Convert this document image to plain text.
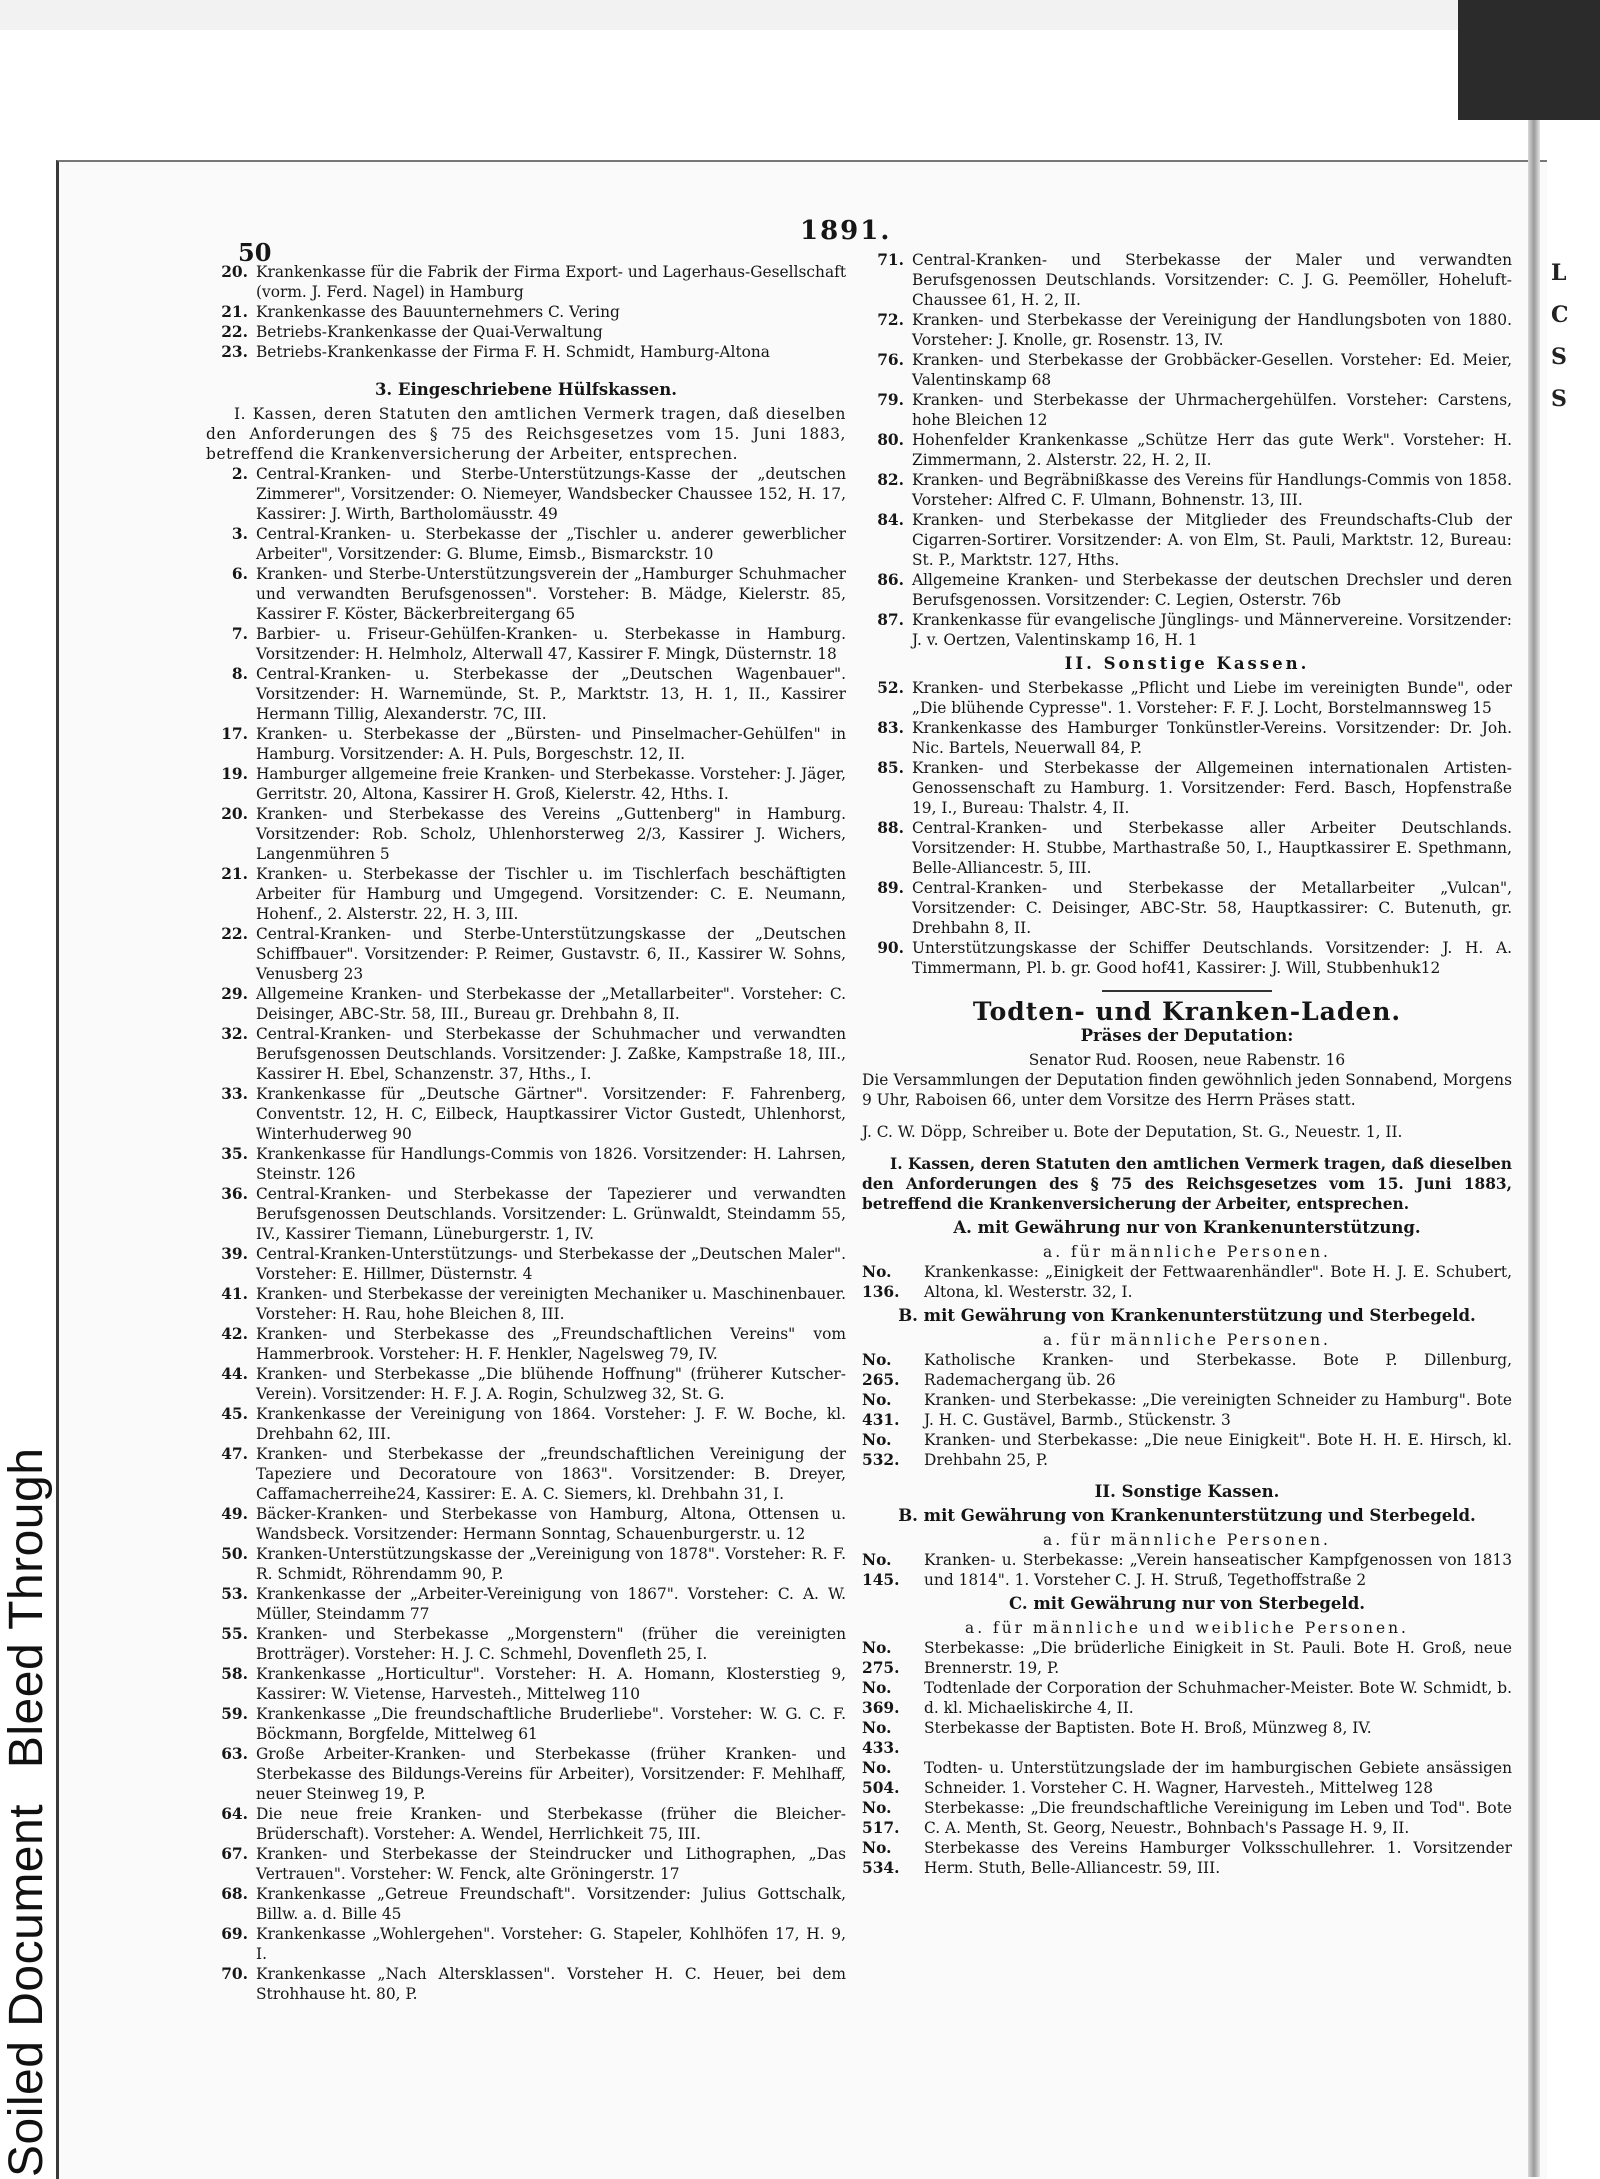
Soiled Document Bleed Through
L
C
S
S
50
1891.
20. Krankenkasse für die Fabrik der Firma Export- und Lagerhaus-Gesellschaft (vorm. J. Ferd. Nagel) in Hamburg
21. Krankenkasse des Bauunternehmers C. Vering
22. Betriebs-Krankenkasse der Quai-Verwaltung
23. Betriebs-Krankenkasse der Firma F. H. Schmidt, Hamburg-Altona
3. Eingeschriebene Hülfskassen.
I. Kassen, deren Statuten den amtlichen Vermerk tragen, daß dieselben den Anforderungen des § 75 des Reichsgesetzes vom 15. Juni 1883, betreffend die Krankenversicherung der Arbeiter, entsprechen.
2. Central-Kranken- und Sterbe-Unterstützungs-Kasse der „deutschen Zimmerer", Vorsitzender: O. Niemeyer, Wandsbecker Chaussee 152, H. 17, Kassirer: J. Wirth, Bartholomäusstr. 49
3. Central-Kranken- u. Sterbekasse der „Tischler u. anderer gewerblicher Arbeiter", Vorsitzender: G. Blume, Eimsb., Bismarckstr. 10
6. Kranken- und Sterbe-Unterstützungsverein der „Hamburger Schuhmacher und verwandten Berufsgenossen". Vorsteher: B. Mädge, Kielerstr. 85, Kassirer F. Köster, Bäckerbreitergang 65
7. Barbier- u. Friseur-Gehülfen-Kranken- u. Sterbekasse in Hamburg. Vorsitzender: H. Helmholz, Alterwall 47, Kassirer F. Mingk, Düsternstr. 18
8. Central-Kranken- u. Sterbekasse der „Deutschen Wagenbauer". Vorsitzender: H. Warnemünde, St. P., Marktstr. 13, H. 1, II., Kassirer Hermann Tillig, Alexanderstr. 7C, III.
17. Kranken- u. Sterbekasse der „Bürsten- und Pinselmacher-Gehülfen" in Hamburg. Vorsitzender: A. H. Puls, Borgeschstr. 12, II.
19. Hamburger allgemeine freie Kranken- und Sterbekasse. Vorsteher: J. Jäger, Gerritstr. 20, Altona, Kassirer H. Groß, Kielerstr. 42, Hths. I.
20. Kranken- und Sterbekasse des Vereins „Guttenberg" in Hamburg. Vorsitzender: Rob. Scholz, Uhlenhorsterweg 2/3, Kassirer J. Wichers, Langenmühren 5
21. Kranken- u. Sterbekasse der Tischler u. im Tischlerfach beschäftigten Arbeiter für Hamburg und Umgegend. Vorsitzender: C. E. Neumann, Hohenf., 2. Alsterstr. 22, H. 3, III.
22. Central-Kranken- und Sterbe-Unterstützungskasse der „Deutschen Schiffbauer". Vorsitzender: P. Reimer, Gustavstr. 6, II., Kassirer W. Sohns, Venusberg 23
29. Allgemeine Kranken- und Sterbekasse der „Metallarbeiter". Vorsteher: C. Deisinger, ABC-Str. 58, III., Bureau gr. Drehbahn 8, II.
32. Central-Kranken- und Sterbekasse der Schuhmacher und verwandten Berufsgenossen Deutschlands. Vorsitzender: J. Zaßke, Kampstraße 18, III., Kassirer H. Ebel, Schanzenstr. 37, Hths., I.
33. Krankenkasse für „Deutsche Gärtner". Vorsitzender: F. Fahrenberg, Conventstr. 12, H. C, Eilbeck, Hauptkassirer Victor Gustedt, Uhlenhorst, Winterhuderweg 90
35. Krankenkasse für Handlungs-Commis von 1826. Vorsitzender: H. Lahrsen, Steinstr. 126
36. Central-Kranken- und Sterbekasse der Tapezierer und verwandten Berufsgenossen Deutschlands. Vorsitzender: L. Grünwaldt, Steindamm 55, IV., Kassirer Tiemann, Lüneburgerstr. 1, IV.
39. Central-Kranken-Unterstützungs- und Sterbekasse der „Deutschen Maler". Vorsteher: E. Hillmer, Düsternstr. 4
41. Kranken- und Sterbekasse der vereinigten Mechaniker u. Maschinenbauer. Vorsteher: H. Rau, hohe Bleichen 8, III.
42. Kranken- und Sterbekasse des „Freundschaftlichen Vereins" vom Hammerbrook. Vorsteher: H. F. Henkler, Nagelsweg 79, IV.
44. Kranken- und Sterbekasse „Die blühende Hoffnung" (früherer Kutscher-Verein). Vorsitzender: H. F. J. A. Rogin, Schulzweg 32, St. G.
45. Krankenkasse der Vereinigung von 1864. Vorsteher: J. F. W. Boche, kl. Drehbahn 62, III.
47. Kranken- und Sterbekasse der „freundschaftlichen Vereinigung der Tapeziere und Decoratoure von 1863". Vorsitzender: B. Dreyer, Caffamacherreihe24, Kassirer: E. A. C. Siemers, kl. Drehbahn 31, I.
49. Bäcker-Kranken- und Sterbekasse von Hamburg, Altona, Ottensen u. Wandsbeck. Vorsitzender: Hermann Sonntag, Schauenburgerstr. u. 12
50. Kranken-Unterstützungskasse der „Vereinigung von 1878". Vorsteher: R. F. R. Schmidt, Röhrendamm 90, P.
53. Krankenkasse der „Arbeiter-Vereinigung von 1867". Vorsteher: C. A. W. Müller, Steindamm 77
55. Kranken- und Sterbekasse „Morgenstern" (früher die vereinigten Brotträger). Vorsteher: H. J. C. Schmehl, Dovenfleth 25, I.
58. Krankenkasse „Horticultur". Vorsteher: H. A. Homann, Klosterstieg 9, Kassirer: W. Vietense, Harvesteh., Mittelweg 110
59. Krankenkasse „Die freundschaftliche Bruderliebe". Vorsteher: W. G. C. F. Böckmann, Borgfelde, Mittelweg 61
63. Große Arbeiter-Kranken- und Sterbekasse (früher Kranken- und Sterbekasse des Bildungs-Vereins für Arbeiter), Vorsitzender: F. Mehlhaff, neuer Steinweg 19, P.
64. Die neue freie Kranken- und Sterbekasse (früher die Bleicher-Brüderschaft). Vorsteher: A. Wendel, Herrlichkeit 75, III.
67. Kranken- und Sterbekasse der Steindrucker und Lithographen, „Das Vertrauen". Vorsteher: W. Fenck, alte Gröningerstr. 17
68. Krankenkasse „Getreue Freundschaft". Vorsitzender: Julius Gottschalk, Billw. a. d. Bille 45
69. Krankenkasse „Wohlergehen". Vorsteher: G. Stapeler, Kohlhöfen 17, H. 9, I.
70. Krankenkasse „Nach Altersklassen". Vorsteher H. C. Heuer, bei dem Strohhause ht. 80, P.
71. Central-Kranken- und Sterbekasse der Maler und verwandten Berufsgenossen Deutschlands. Vorsitzender: C. J. G. Peemöller, Hoheluft-Chaussee 61, H. 2, II.
72. Kranken- und Sterbekasse der Vereinigung der Handlungsboten von 1880. Vorsteher: J. Knolle, gr. Rosenstr. 13, IV.
76. Kranken- und Sterbekasse der Grobbäcker-Gesellen. Vorsteher: Ed. Meier, Valentinskamp 68
79. Kranken- und Sterbekasse der Uhrmachergehülfen. Vorsteher: Carstens, hohe Bleichen 12
80. Hohenfelder Krankenkasse „Schütze Herr das gute Werk". Vorsteher: H. Zimmermann, 2. Alsterstr. 22, H. 2, II.
82. Kranken- und Begräbnißkasse des Vereins für Handlungs-Commis von 1858. Vorsteher: Alfred C. F. Ulmann, Bohnenstr. 13, III.
84. Kranken- und Sterbekasse der Mitglieder des Freundschafts-Club der Cigarren-Sortirer. Vorsitzender: A. von Elm, St. Pauli, Marktstr. 12, Bureau: St. P., Marktstr. 127, Hths.
86. Allgemeine Kranken- und Sterbekasse der deutschen Drechsler und deren Berufsgenossen. Vorsitzender: C. Legien, Osterstr. 76b
87. Krankenkasse für evangelische Jünglings- und Männervereine. Vorsitzender: J. v. Oertzen, Valentinskamp 16, H. 1
II. Sonstige Kassen.
52. Kranken- und Sterbekasse „Pflicht und Liebe im vereinigten Bunde", oder „Die blühende Cypresse". 1. Vorsteher: F. F. J. Locht, Borstelmannsweg 15
83. Krankenkasse des Hamburger Tonkünstler-Vereins. Vorsitzender: Dr. Joh. Nic. Bartels, Neuerwall 84, P.
85. Kranken- und Sterbekasse der Allgemeinen internationalen Artisten-Genossenschaft zu Hamburg. 1. Vorsitzender: Ferd. Basch, Hopfenstraße 19, I., Bureau: Thalstr. 4, II.
88. Central-Kranken- und Sterbekasse aller Arbeiter Deutschlands. Vorsitzender: H. Stubbe, Marthastraße 50, I., Hauptkassirer E. Spethmann, Belle-Alliancestr. 5, III.
89. Central-Kranken- und Sterbekasse der Metallarbeiter „Vulcan", Vorsitzender: C. Deisinger, ABC-Str. 58, Hauptkassirer: C. Butenuth, gr. Drehbahn 8, II.
90. Unterstützungskasse der Schiffer Deutschlands. Vorsitzender: J. H. A. Timmermann, Pl. b. gr. Good hof41, Kassirer: J. Will, Stubbenhuk12
Todten- und Kranken-Laden.
Präses der Deputation:
Senator Rud. Roosen, neue Rabenstr. 16
Die Versammlungen der Deputation finden gewöhnlich jeden Sonnabend, Morgens 9 Uhr, Raboisen 66, unter dem Vorsitze des Herrn Präses statt.
J. C. W. Döpp, Schreiber u. Bote der Deputation, St. G., Neuestr. 1, II.
I. Kassen, deren Statuten den amtlichen Vermerk tragen, daß dieselben den Anforderungen des § 75 des Reichsgesetzes vom 15. Juni 1883, betreffend die Krankenversicherung der Arbeiter, entsprechen.
A. mit Gewährung nur von Krankenunterstützung.
a. für männliche Personen.
No. 136.
Krankenkasse: „Einigkeit der Fettwaarenhändler". Bote H. J. E. Schubert, Altona, kl. Westerstr. 32, I.
B. mit Gewährung von Krankenunterstützung und Sterbegeld.
a. für männliche Personen.
No. 265.
Katholische Kranken- und Sterbekasse. Bote P. Dillenburg, Rademachergang üb. 26
No. 431.
Kranken- und Sterbekasse: „Die vereinigten Schneider zu Hamburg". Bote J. H. C. Gustävel, Barmb., Stückenstr. 3
No. 532.
Kranken- und Sterbekasse: „Die neue Einigkeit". Bote H. H. E. Hirsch, kl. Drehbahn 25, P.
II. Sonstige Kassen.
B. mit Gewährung von Krankenunterstützung und Sterbegeld.
a. für männliche Personen.
No. 145.
Kranken- u. Sterbekasse: „Verein hanseatischer Kampfgenossen von 1813 und 1814". 1. Vorsteher C. J. H. Struß, Tegethoffstraße 2
C. mit Gewährung nur von Sterbegeld.
a. für männliche und weibliche Personen.
No. 275.
Sterbekasse: „Die brüderliche Einigkeit in St. Pauli. Bote H. Groß, neue Brennerstr. 19, P.
No. 369.
Todtenlade der Corporation der Schuhmacher-Meister. Bote W. Schmidt, b. d. kl. Michaeliskirche 4, II.
No. 433.
Sterbekasse der Baptisten. Bote H. Broß, Münzweg 8, IV.
No. 504.
Todten- u. Unterstützungslade der im hamburgischen Gebiete ansässigen Schneider. 1. Vorsteher C. H. Wagner, Harvesteh., Mittelweg 128
No. 517.
Sterbekasse: „Die freundschaftliche Vereinigung im Leben und Tod". Bote C. A. Menth, St. Georg, Neuestr., Bohnbach's Passage H. 9, II.
No. 534.
Sterbekasse des Vereins Hamburger Volksschullehrer. 1. Vorsitzender Herm. Stuth, Belle-Alliancestr. 59, III.
